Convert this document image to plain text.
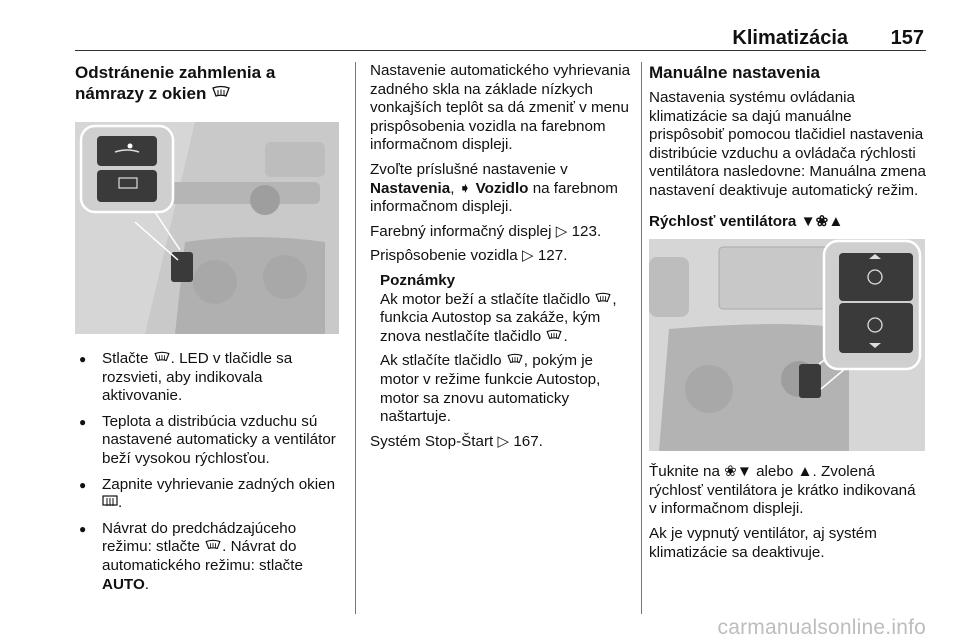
Klimatizácia 157
Odstránenie zahmlenia a
námrazy z okien
● Stlačte . LED v tlačidle sa rozsvieti, aby indikovala aktivovanie.
● Teplota a distribúcia vzduchu sú nastavené automaticky a ventilátor beží vysokou rýchlosťou.
● Zapnite vyhrievanie zadných okien .
● Návrat do predchádzajúceho režimu: stlačte . Návrat do automatického režimu: stlačte AUTO.

Nastavenie automatického vyhrievania zadného skla na základe nízkych vonkajších teplôt sa dá zmeniť v menu prispôsobenia vozidla na farebnom informačnom displeji.

Zvoľte príslušné nastavenie v
Nastavenia, ➧ Vozidlo na farebnom informačnom displeji.

Farebný informačný displej ▷ 123.

Prispôsobenie vozidla ▷ 127.

Poznámky

Ak motor beží a stlačíte tlačidlo , funkcia Autostop sa zakáže, kým znova nestlačíte tlačidlo .

Ak stlačíte tlačidlo , pokým je motor v režime funkcie Autostop, motor sa znovu automaticky naštartuje.

Systém Stop-Štart ▷ 167.

Manuálne nastavenia

Nastavenia systému ovládania klimatizácie sa dajú manuálne prispôsobiť pomocou tlačidiel nastavenia distribúcie vzduchu a ovládača rýchlosti ventilátora nasledovne: Manuálna zmena nastavení deaktivuje automatický režim.

Rýchlosť ventilátora ▼❀▲

Ťuknite na ❀▼ alebo ▲. Zvolená rýchlosť ventilátora je krátko indikovaná v informačnom displeji.

Ak je vypnutý ventilátor, aj systém klimatizácie sa deaktivuje.

carmanualsonline.info
